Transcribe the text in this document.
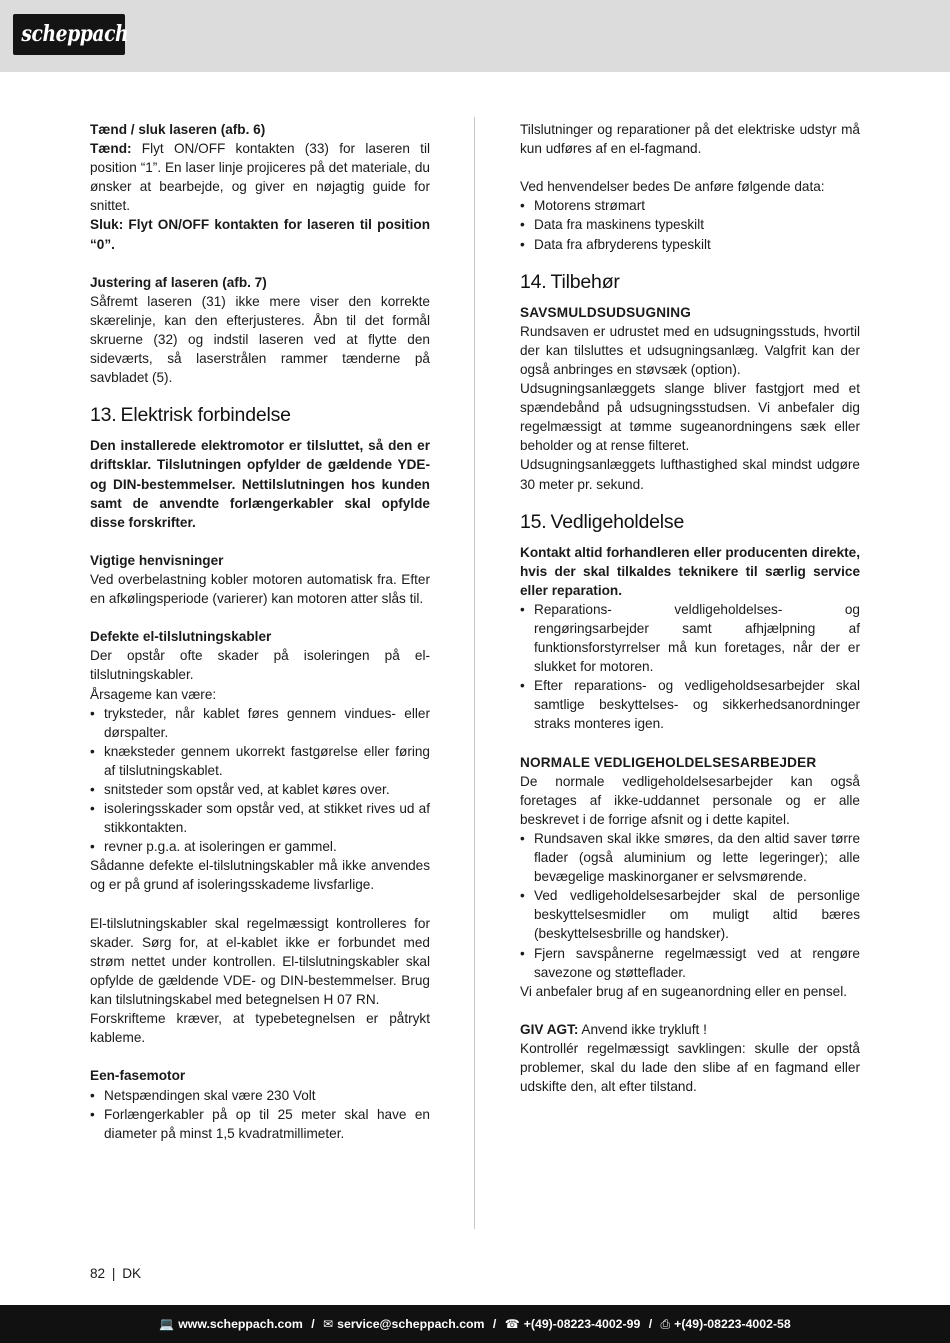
scheppach

Tænd / sluk laseren (afb. 6)

Tænd: Flyt ON/OFF kontakten (33) for laseren til position “1”. En laser linje projiceres på det materiale, du ønsker at bearbejde, og giver en nøjagtig guide for snittet.

Sluk: Flyt ON/OFF kontakten for laseren til position “0”.

Justering af laseren (afb. 7)

Såfremt laseren (31) ikke mere viser den korrekte skærelinje, kan den efterjusteres. Åbn til det formål skruerne (32) og indstil laseren ved at flytte den sideværts, så laserstrålen rammer tænderne på savbladet (5).

13. Elektrisk forbindelse

Den installerede elektromotor er tilsluttet, så den er driftsklar. Tilslutningen opfylder de gældende YDE- og DIN-bestemmelser. Nettilslutningen hos kunden samt de anvendte forlængerkabler skal opfylde disse forskrifter.

Vigtige henvisninger

Ved overbelastning kobler motoren automatisk fra. Efter en afkølingsperiode (varierer) kan motoren atter slås til.

Defekte el-tilslutningskabler

Der opstår ofte skader på isoleringen på el-tilslutningskabler.

Årsageme kan være:

• tryksteder, når kablet føres gennem vindues- eller dørspalter.
• knæksteder gennem ukorrekt fastgørelse eller føring af tilslutningskablet.
• snitsteder som opstår ved, at kablet køres over.
• isoleringsskader som opstår ved, at stikket rives ud af stikkontakten.
• revner p.g.a. at isoleringen er gammel.

Sådanne defekte el-tilslutningskabler må ikke anvendes og er på grund af isoleringsskademe livsfarlige.

El-tilslutningskabler skal regelmæssigt kontrolleres for skader. Sørg for, at el-kablet ikke er forbundet med strøm nettet under kontrollen. El-tilslutningskabler skal opfylde de gældende VDE- og DIN-bestemmelser. Brug kan tilslutningskabel med betegnelsen H 07 RN.

Forskrifteme kræver, at typebetegnelsen er påtrykt kableme.

Een-fasemotor

• Netspændingen skal være 230 Volt
• Forlængerkabler på op til 25 meter skal have en diameter på minst 1,5 kvadratmillimeter.

Tilslutninger og reparationer på det elektriske udstyr må kun udføres af en el-fagmand.

Ved henvendelser bedes De anføre følgende data:

• Motorens strømart
• Data fra maskinens typeskilt
• Data fra afbryderens typeskilt
14. Tilbehør

SAVSMULDSUDSUGNING

Rundsaven er udrustet med en udsugningsstuds, hvortil der kan tilsluttes et udsugningsanlæg. Valgfrit kan der også anbringes en støvsæk (option).

Udsugningsanlæggets slange bliver fastgjort med et spændebånd på udsugningsstudsen. Vi anbefaler dig regelmæssigt at tømme sugeanordningens sæk eller beholder og at rense filteret.

Udsugningsanlæggets lufthastighed skal mindst udgøre 30 meter pr. sekund.

15. Vedligeholdelse

Kontakt altid forhandleren eller producenten direkte, hvis der skal tilkaldes teknikere til særlig service eller reparation.

• Reparations- veldligeholdelses- og rengøringsarbejder samt afhjælpning af funktionsforstyrrelser må kun foretages, når der er slukket for motoren.
• Efter reparations- og vedligeholdsesarbejder skal samtlige beskyttelses- og sikkerhedsanordninger straks monteres igen.

NORMALE VEDLIGEHOLDELSESARBEJDER

De normale vedligeholdelsesarbejder kan også foretages af ikke-uddannet personale og er alle beskrevet i de forrige afsnit og i dette kapitel.

• Rundsaven skal ikke smøres, da den altid saver tørre flader (også aluminium og lette legeringer); alle bevægelige maskinorganer er selvsmørende.
• Ved vedligeholdelsesarbejder skal de personlige beskyttelsesmidler om muligt altid bæres (beskyttelsesbrille og handsker).
• Fjern savspånerne regelmæssigt ved at rengøre savezone og støtteflader.

Vi anbefaler brug af en sugeanordning eller en pensel.

GIV AGT: Anvend ikke trykluft !

Kontrollér regelmæssigt savklingen: skulle der opstå problemer, skal du lade den slibe af en fagmand eller udskifte den, alt efter tilstand.

82 | DK
💻 www.scheppach.com / ✉ service@scheppach.com / ☎ +(49)-08223-4002-99 / ⎙ +(49)-08223-4002-58
